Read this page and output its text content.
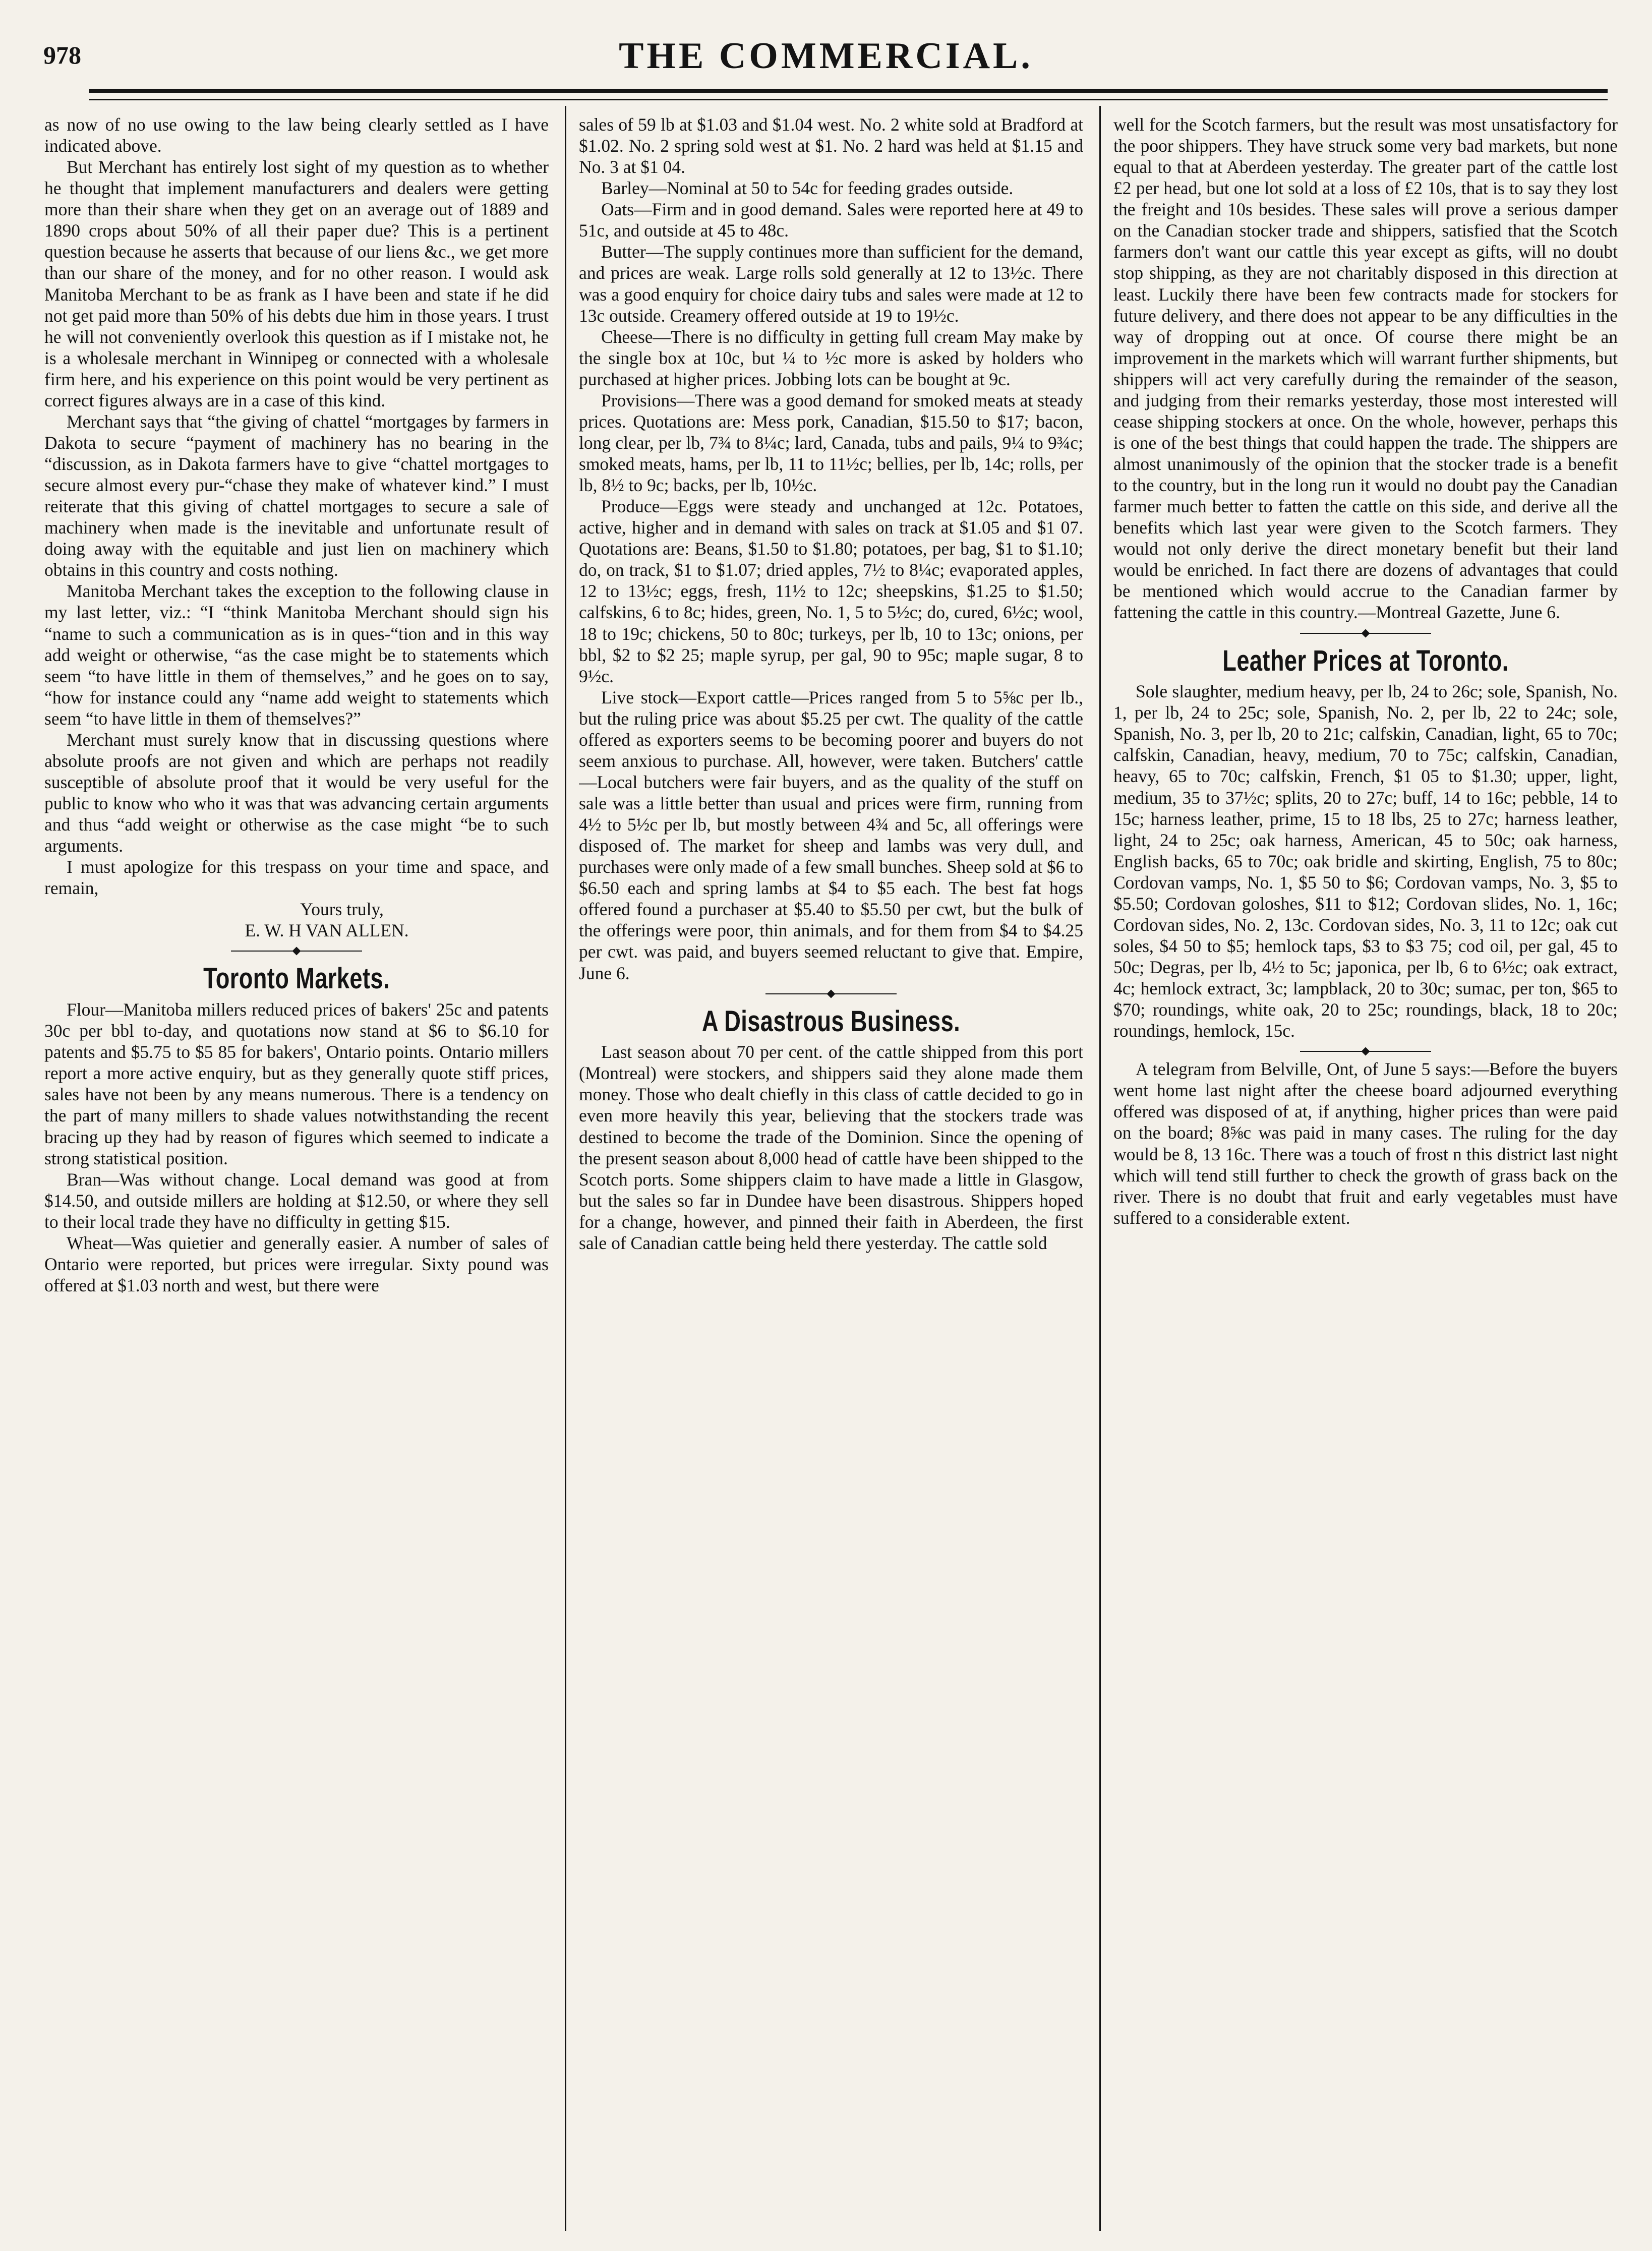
978	THE COMMERCIAL.

as now of no use owing to the law being clearly settled as I have indicated above.

But Merchant has entirely lost sight of my question as to whether he thought that implement manufacturers and dealers were getting more than their share when they get on an average out of 1889 and 1890 crops about 50% of all their paper due? This is a pertinent question because he asserts that because of our liens &c., we get more than our share of the money, and for no other reason. I would ask Manitoba Merchant to be as frank as I have been and state if he did not get paid more than 50% of his debts due him in those years. I trust he will not conveniently overlook this question as if I mistake not, he is a wholesale merchant in Winnipeg or connected with a wholesale firm here, and his experience on this point would be very pertinent as correct figures always are in a case of this kind.

Merchant says that “the giving of chattel “mortgages by farmers in Dakota to secure “payment of machinery has no bearing in the “discussion, as in Dakota farmers have to give “chattel mortgages to secure almost every pur-“chase they make of whatever kind.” I must reiterate that this giving of chattel mortgages to secure a sale of machinery when made is the inevitable and unfortunate result of doing away with the equitable and just lien on machinery which obtains in this country and costs nothing.

Manitoba Merchant takes the exception to the following clause in my last letter, viz.: “I “think Manitoba Merchant should sign his “name to such a communication as is in ques-“tion and in this way add weight or otherwise, “as the case might be to statements which seem “to have little in them of themselves,” and he goes on to say, “how for instance could any “name add weight to statements which seem “to have little in them of themselves?”

Merchant must surely know that in discussing questions where absolute proofs are not given and which are perhaps not readily susceptible of absolute proof that it would be very useful for the public to know who who it was that was advancing certain arguments and thus “add weight or otherwise as the case might “be to such arguments.

I must apologize for this trespass on your time and space, and remain,

Yours truly,

E. W. H VAN ALLEN.

Toronto Markets.

Flour—Manitoba millers reduced prices of bakers' 25c and patents 30c per bbl to-day, and quotations now stand at $6 to $6.10 for patents and $5.75 to $5 85 for bakers', Ontario points. Ontario millers report a more active enquiry, but as they generally quote stiff prices, sales have not been by any means numerous. There is a tendency on the part of many millers to shade values notwithstanding the recent bracing up they had by reason of figures which seemed to indicate a strong statistical position.

Bran—Was without change. Local demand was good at from $14.50, and outside millers are holding at $12.50, or where they sell to their local trade they have no difficulty in getting $15.

Wheat—Was quietier and generally easier. A number of sales of Ontario were reported, but prices were irregular. Sixty pound was offered at $1.03 north and west, but there were

sales of 59 lb at $1.03 and $1.04 west. No. 2 white sold at Bradford at $1.02. No. 2 spring sold west at $1. No. 2 hard was held at $1.15 and No. 3 at $1 04.

Barley—Nominal at 50 to 54c for feeding grades outside.

Oats—Firm and in good demand. Sales were reported here at 49 to 51c, and outside at 45 to 48c.

Butter—The supply continues more than sufficient for the demand, and prices are weak. Large rolls sold generally at 12 to 13½c. There was a good enquiry for choice dairy tubs and sales were made at 12 to 13c outside. Creamery offered outside at 19 to 19½c.

Cheese—There is no difficulty in getting full cream May make by the single box at 10c, but ¼ to ½c more is asked by holders who purchased at higher prices. Jobbing lots can be bought at 9c.

Provisions—There was a good demand for smoked meats at steady prices. Quotations are: Mess pork, Canadian, $15.50 to $17; bacon, long clear, per lb, 7¾ to 8¼c; lard, Canada, tubs and pails, 9¼ to 9¾c; smoked meats, hams, per lb, 11 to 11½c; bellies, per lb, 14c; rolls, per lb, 8½ to 9c; backs, per lb, 10½c.

Produce—Eggs were steady and unchanged at 12c. Potatoes, active, higher and in demand with sales on track at $1.05 and $1 07. Quotations are: Beans, $1.50 to $1.80; potatoes, per bag, $1 to $1.10; do, on track, $1 to $1.07; dried apples, 7½ to 8¼c; evaporated apples, 12 to 13½c; eggs, fresh, 11½ to 12c; sheepskins, $1.25 to $1.50; calfskins, 6 to 8c; hides, green, No. 1, 5 to 5½c; do, cured, 6½c; wool, 18 to 19c; chickens, 50 to 80c; turkeys, per lb, 10 to 13c; onions, per bbl, $2 to $2 25; maple syrup, per gal, 90 to 95c; maple sugar, 8 to 9½c.

Live stock—Export cattle—Prices ranged from 5 to 5⅝c per lb., but the ruling price was about $5.25 per cwt. The quality of the cattle offered as exporters seems to be becoming poorer and buyers do not seem anxious to purchase. All, however, were taken. Butchers' cattle—Local butchers were fair buyers, and as the quality of the stuff on sale was a little better than usual and prices were firm, running from 4½ to 5½c per lb, but mostly between 4¾ and 5c, all offerings were disposed of. The market for sheep and lambs was very dull, and purchases were only made of a few small bunches. Sheep sold at $6 to $6.50 each and spring lambs at $4 to $5 each. The best fat hogs offered found a purchaser at $5.40 to $5.50 per cwt, but the bulk of the offerings were poor, thin animals, and for them from $4 to $4.25 per cwt. was paid, and buyers seemed reluctant to give that. Empire, June 6.

A Disastrous Business.

Last season about 70 per cent. of the cattle shipped from this port (Montreal) were stockers, and shippers said they alone made them money. Those who dealt chiefly in this class of cattle decided to go in even more heavily this year, believing that the stockers trade was destined to become the trade of the Dominion. Since the opening of the present season about 8,000 head of cattle have been shipped to the Scotch ports. Some shippers claim to have made a little in Glasgow, but the sales so far in Dundee have been disastrous. Shippers hoped for a change, however, and pinned their faith in Aberdeen, the first sale of Canadian cattle being held there yesterday. The cattle sold

well for the Scotch farmers, but the result was most unsatisfactory for the poor shippers. They have struck some very bad markets, but none equal to that at Aberdeen yesterday. The greater part of the cattle lost £2 per head, but one lot sold at a loss of £2 10s, that is to say they lost the freight and 10s besides. These sales will prove a serious damper on the Canadian stocker trade and shippers, satisfied that the Scotch farmers don't want our cattle this year except as gifts, will no doubt stop shipping, as they are not charitably disposed in this direction at least. Luckily there have been few contracts made for stockers for future delivery, and there does not appear to be any difficulties in the way of dropping out at once. Of course there might be an improvement in the markets which will warrant further shipments, but shippers will act very carefully during the remainder of the season, and judging from their remarks yesterday, those most interested will cease shipping stockers at once. On the whole, however, perhaps this is one of the best things that could happen the trade. The shippers are almost unanimously of the opinion that the stocker trade is a benefit to the country, but in the long run it would no doubt pay the Canadian farmer much better to fatten the cattle on this side, and derive all the benefits which last year were given to the Scotch farmers. They would not only derive the direct monetary benefit but their land would be enriched. In fact there are dozens of advantages that could be mentioned which would accrue to the Canadian farmer by fattening the cattle in this country.—Montreal Gazette, June 6.

Leather Prices at Toronto.

Sole slaughter, medium heavy, per lb, 24 to 26c; sole, Spanish, No. 1, per lb, 24 to 25c; sole, Spanish, No. 2, per lb, 22 to 24c; sole, Spanish, No. 3, per lb, 20 to 21c; calfskin, Canadian, light, 65 to 70c; calfskin, Canadian, heavy, medium, 70 to 75c; calfskin, Canadian, heavy, 65 to 70c; calfskin, French, $1 05 to $1.30; upper, light, medium, 35 to 37½c; splits, 20 to 27c; buff, 14 to 16c; pebble, 14 to 15c; harness leather, prime, 15 to 18 lbs, 25 to 27c; harness leather, light, 24 to 25c; oak harness, American, 45 to 50c; oak harness, English backs, 65 to 70c; oak bridle and skirting, English, 75 to 80c; Cordovan vamps, No. 1, $5 50 to $6; Cordovan vamps, No. 3, $5 to $5.50; Cordovan goloshes, $11 to $12; Cordovan slides, No. 1, 16c; Cordovan sides, No. 2, 13c. Cordovan sides, No. 3, 11 to 12c; oak cut soles, $4 50 to $5; hemlock taps, $3 to $3 75; cod oil, per gal, 45 to 50c; Degras, per lb, 4½ to 5c; japonica, per lb, 6 to 6½c; oak extract, 4c; hemlock extract, 3c; lampblack, 20 to 30c; sumac, per ton, $65 to $70; roundings, white oak, 20 to 25c; roundings, black, 18 to 20c; roundings, hemlock, 15c.

A telegram from Belville, Ont, of June 5 says:—Before the buyers went home last night after the cheese board adjourned everything offered was disposed of at, if anything, higher prices than were paid on the board; 8⅝c was paid in many cases. The ruling for the day would be 8, 13 16c. There was a touch of frost n this district last night which will tend still further to check the growth of grass back on the river. There is no doubt that fruit and early vegetables must have suffered to a considerable extent.
